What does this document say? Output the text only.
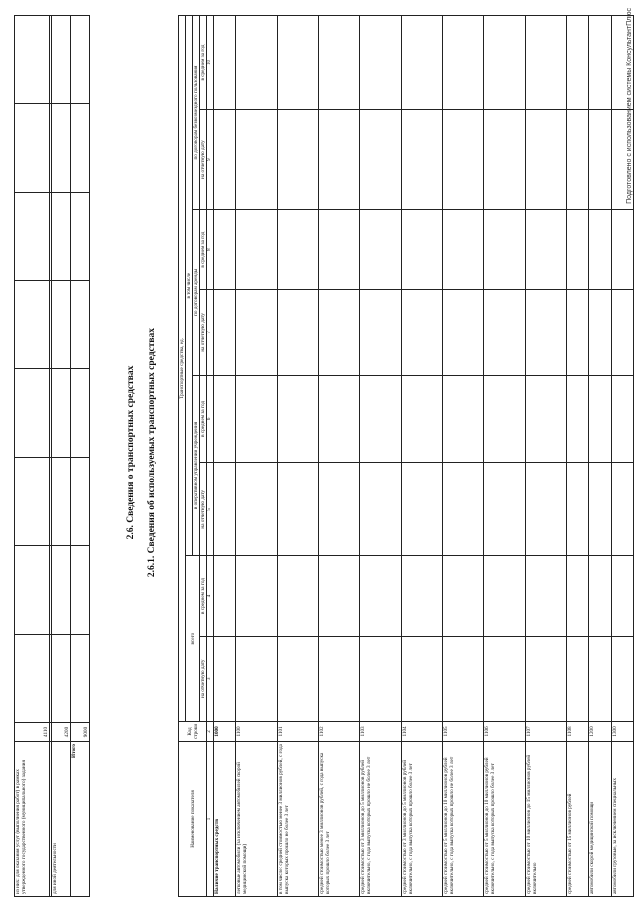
Подготовлено с использованием системы КонсультантПлюс
из них: для оказания услуг (выполнения работ) в рамках утвержденного государственного (муниципального) задания	4110								

для иной деятельности	4200								
Итого	9000								
2.6. Сведения о транспортных средствах 2.6.1. Сведения об используемых транспортных средствах
Наименование показателя	Код строки	Транспортные средства, ед.							
		всего		в том числе					
				в оперативном управлении учреждения		по договорам аренды		по договорам безвозмездного пользования	
		на отчетную дату	в среднем за год	на отчетную дату	в среднем за год	на отчетную дату	в среднем за год	на отчетную дату	в среднем за год
1	2	3	4	5	6	7	8	9	10
Наличие транспортных средств	1000								
легковые автомобили (за исключением автомобилей скорой медицинской помощи)	1100								
в том числе: средней стоимостью менее 3 миллионов рублей, с года выпуска которых прошло не более 3 лет	1101								
средней стоимостью менее 3 миллионов рублей, с года выпуска которых прошло более 3 лет	1102								
средней стоимостью от 3 миллионов до 5 миллионов рублей включительно, с года выпуска которых прошло не более 3 лет	1103								
средней стоимостью от 3 миллионов до 5 миллионов рублей включительно, с года выпуска которых прошло более 3 лет	1104								
средней стоимостью от 5 миллионов до 10 миллионов рублей включительно, с года выпуска которых прошло не более 3 лет	1105								
средней стоимостью от 5 миллионов до 10 миллионов рублей включительно, с года выпуска которых прошло более 3 лет	1106								
средней стоимостью от 10 миллионов до 15 миллионов рублей включительно	1107								
средней стоимостью от 15 миллионов рублей	1108								
автомобили скорой медицинской помощи	1200								
автомобили грузовые, за исключением специальных	1300								
